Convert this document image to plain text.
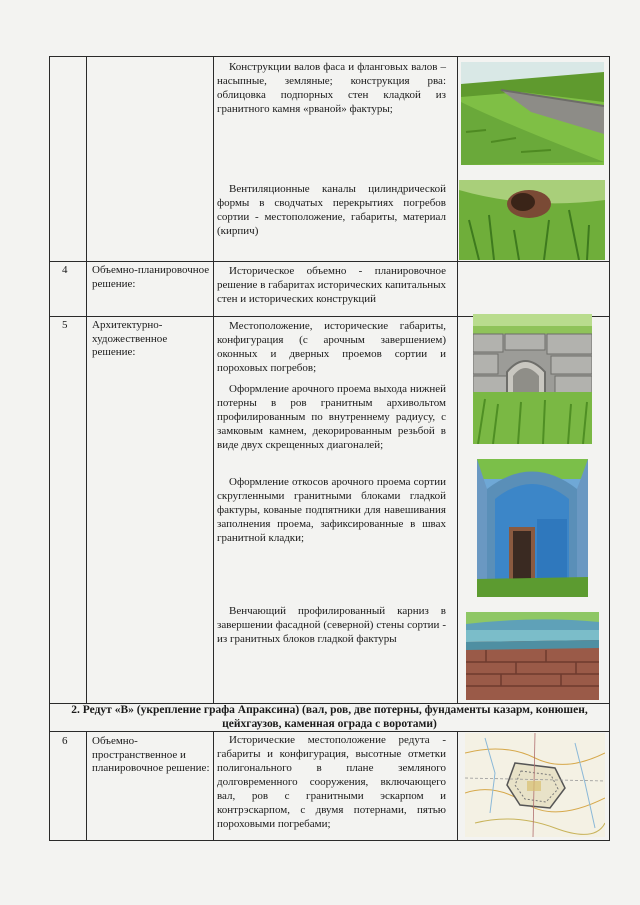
Конструкции валов фаса и фланговых валов – насыпные, земляные; конструкция рва: облицовка подпорных стен кладкой из гранитного камня «рваной» фактуры;
Вентиляционные каналы цилиндрической формы в сводчатых перекрытиях погребов сортии - местоположение, габариты, материал (кирпич)
4 Объемно-планировочное решение:
Историческое объемно - планировочное решение в габаритах исторических капитальных стен и исторических конструкций
5 Архитектурно-художественное решение:
Местоположение, исторические габариты, конфигурация (с арочным завершением) оконных и дверных проемов сортии и пороховых погребов;
Оформление арочного проема выхода нижней потерны в ров гранитным архивольтом профилированным по внутреннему радиусу, с замковым камнем, декорированным резьбой в виде двух скрещенных диагоналей;
Оформление откосов арочного проема сортии скругленными гранитными блоками гладкой фактуры, кованые подпятники для навешивания заполнения проема, зафиксированные в швах гранитной кладки;
Венчающий профилированный карниз в завершении фасадной (северной) стены сортии - из гранитных блоков гладкой фактуры
2. Редут «В» (укрепление графа Апраксина) (вал, ров, две потерны, фундаменты казарм, конюшен, цейхгаузов, каменная ограда с воротами)
6 Объемно-пространственное и планировочное решение:
Исторические местоположение редута - габариты и конфигурация, высотные отметки полигонального в плане земляного долговременного сооружения, включающего вал, ров с гранитными эскарпом и контрэскарпом, с двумя потернами, пятью пороховыми погребами;
